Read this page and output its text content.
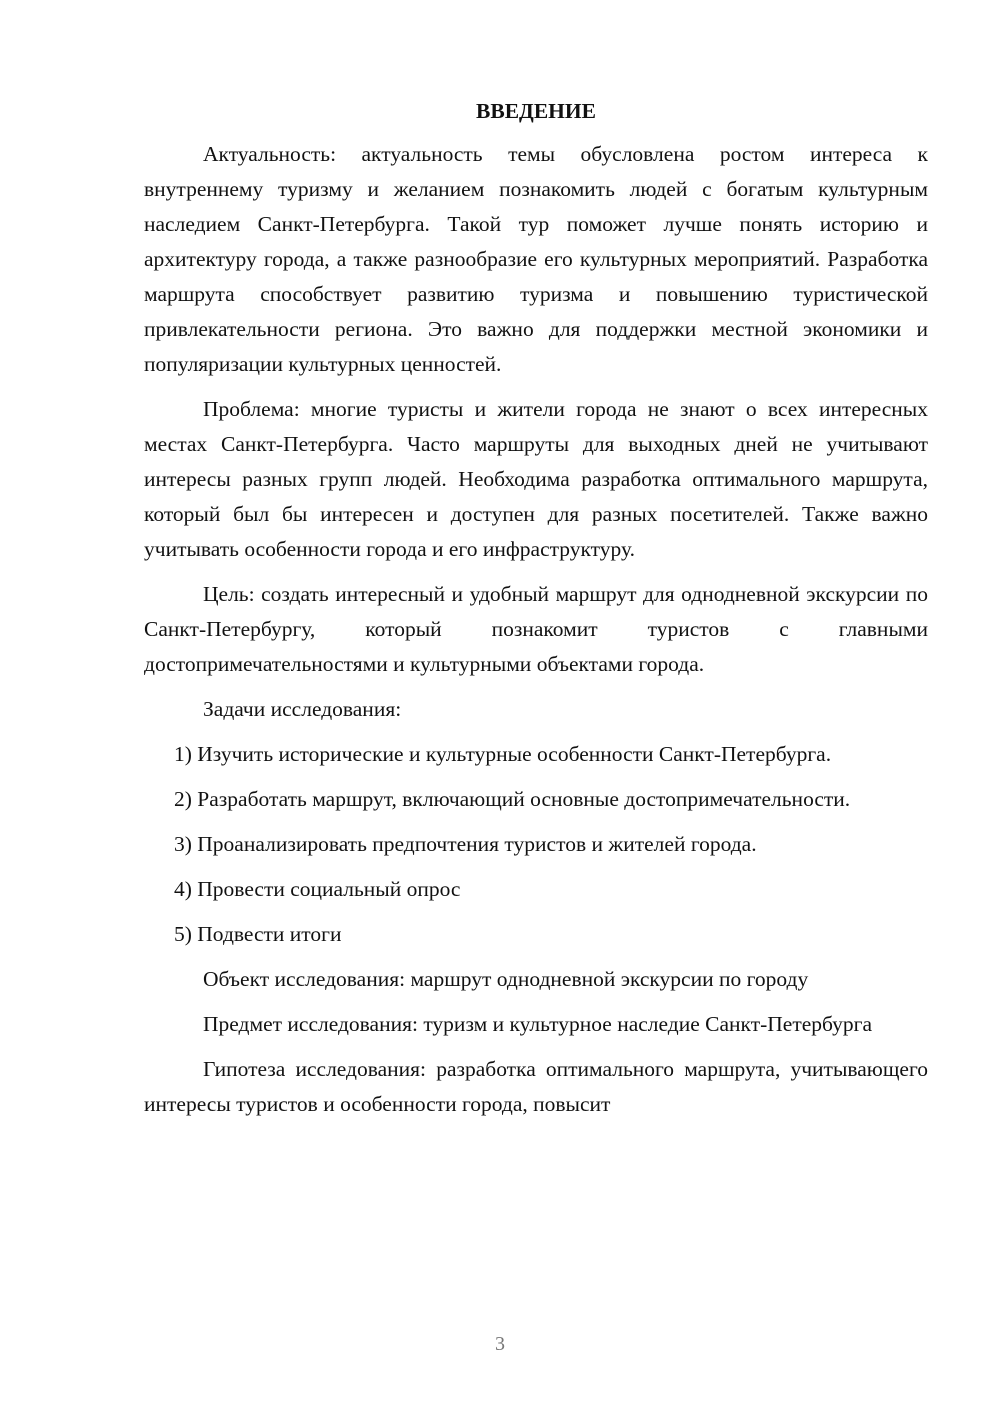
ВВЕДЕНИЕ

Актуальность: актуальность темы обусловлена ростом интереса к внутреннему туризму и желанием познакомить людей с богатым культурным наследием Санкт-Петербурга. Такой тур поможет лучше понять историю и архитектуру города, а также разнообразие его культурных мероприятий. Разработка маршрута способствует развитию туризма и повышению туристической привлекательности региона. Это важно для поддержки местной экономики и популяризации культурных ценностей.

Проблема: многие туристы и жители города не знают о всех интересных местах Санкт-Петербурга. Часто маршруты для выходных дней не учитывают интересы разных групп людей. Необходима разработка оптимального маршрута, который был бы интересен и доступен для разных посетителей. Также важно учитывать особенности города и его инфраструктуру.

Цель: создать интересный и удобный маршрут для однодневной экскурсии по Санкт-Петербургу, который познакомит туристов с главными достопримечательностями и культурными объектами города.

Задачи исследования:

1) Изучить исторические и культурные особенности Санкт-Петербурга.

2) Разработать маршрут, включающий основные достопримечательности.

3) Проанализировать предпочтения туристов и жителей города.

4) Провести социальный опрос

5) Подвести итоги

Объект исследования: маршрут однодневной экскурсии по городу

Предмет исследования: туризм и культурное наследие Санкт-Петербурга

Гипотеза исследования: разработка оптимального маршрута, учитывающего интересы туристов и особенности города, повысит

3
